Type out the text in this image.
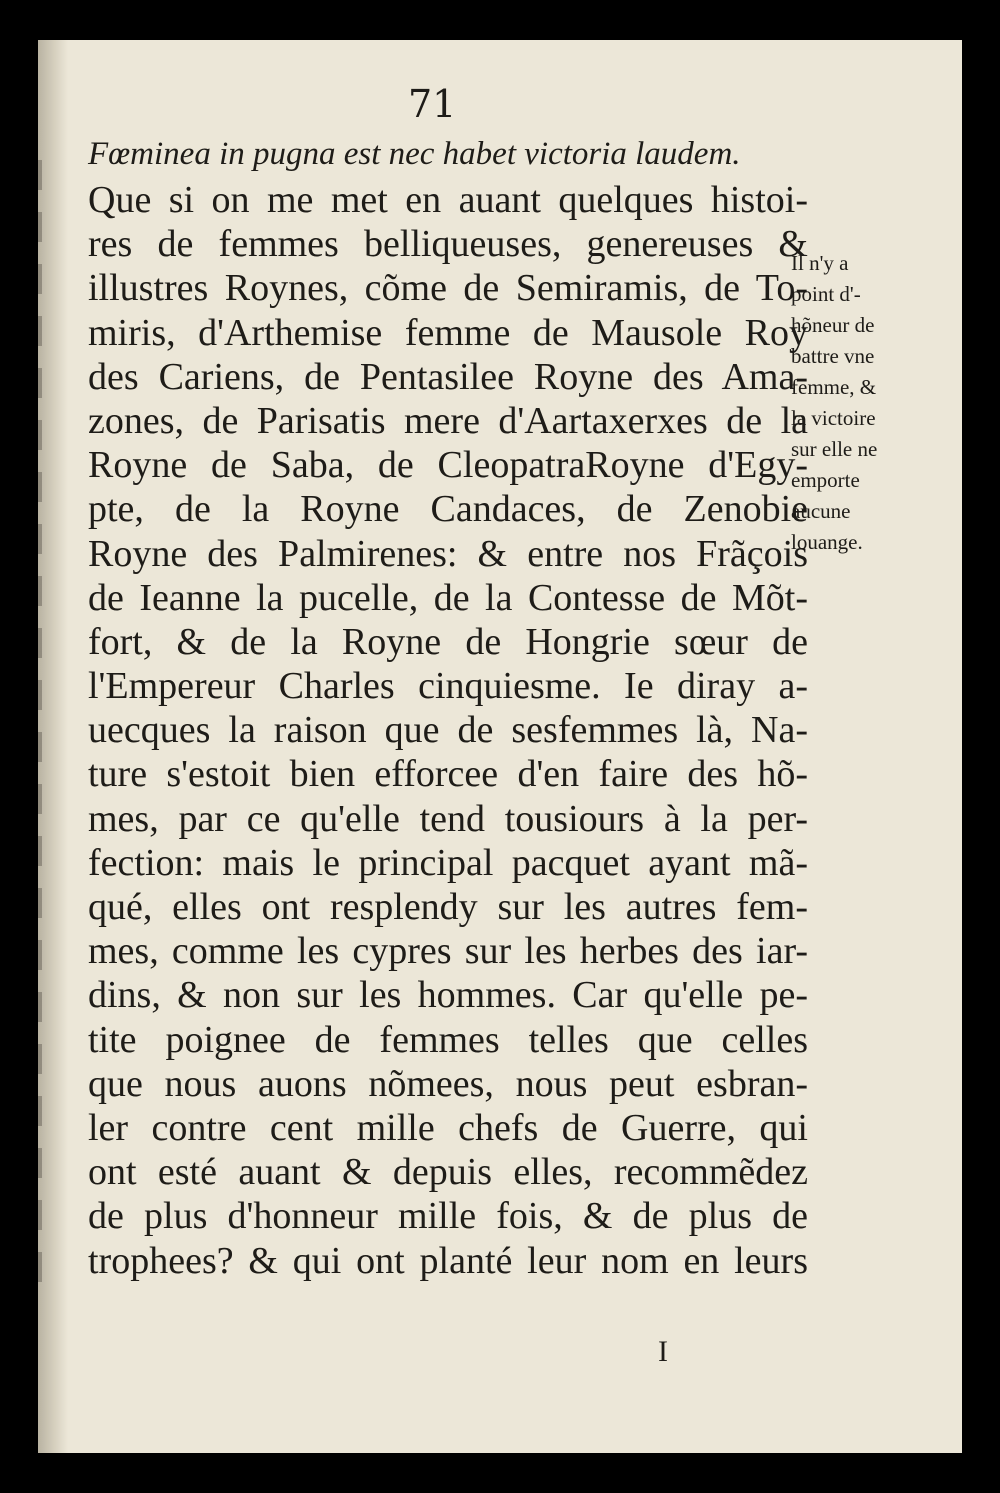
71
Fœminea in pugna est nec habet victoria laudem.
Que si on me met en auant quelques histoi-
res de femmes belliqueuses, genereuses &
illustres Roynes, cõme de Semiramis, de To-
miris, d'Arthemise femme de Mausole Roy
des Cariens, de Pentasilee Royne des Ama-
zones, de Parisatis mere d'Aartaxerxes de la
Royne de Saba, de CleopatraRoyne d'Egy-
pte, de la Royne Candaces, de Zenobie
Royne des Palmirenes: & entre nos Frãçois
de Ieanne la pucelle, de la Contesse de Mõt-
fort, & de la Royne de Hongrie sœur de
l'Empereur Charles cinquiesme. Ie diray a-
uecques la raison que de sesfemmes là, Na-
ture s'estoit bien efforcee d'en faire des hõ-
mes, par ce qu'elle tend tousiours à la per-
fection: mais le principal pacquet ayant mã-
qué, elles ont resplendy sur les autres fem-
mes, comme les cypres sur les herbes des iar-
dins, & non sur les hommes. Car qu'elle pe-
tite poignee de femmes telles que celles
que nous auons nõmees, nous peut esbran-
ler contre cent mille chefs de Guerre, qui
ont esté auant & depuis elles, recommẽdez
de plus d'honneur mille fois, & de plus de
trophees? & qui ont planté leur nom en leurs
Il n'y a
point d'-
hõneur de
battre vne
femme, &
la victoire
sur elle ne
emporte
aucune
louange.
I
